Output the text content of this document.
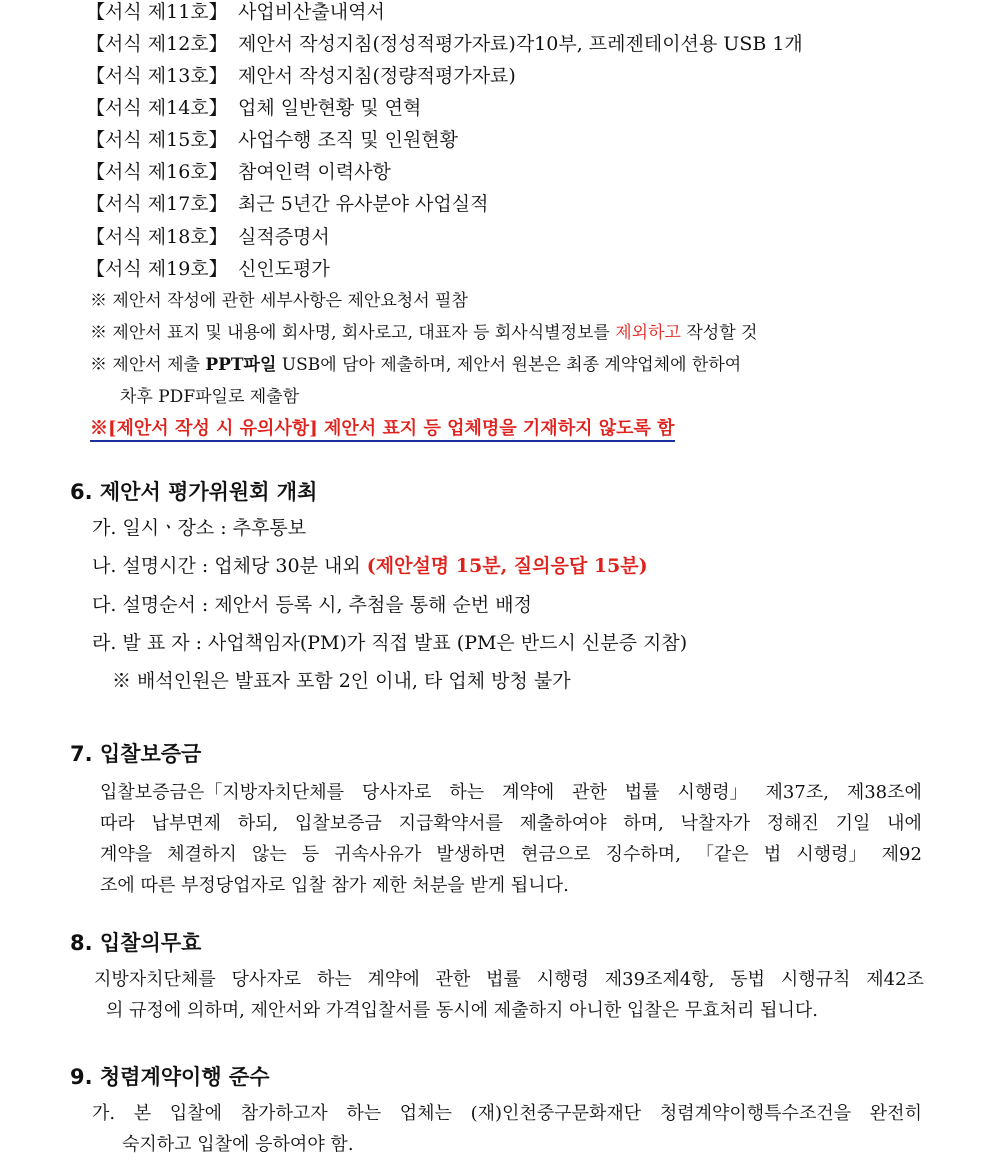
【서식 제11호】 사업비산출내역서
【서식 제12호】 제안서 작성지침(정성적평가자료)각10부, 프레젠테이션용 USB 1개
【서식 제13호】 제안서 작성지침(정량적평가자료)
【서식 제14호】 업체 일반현황 및 연혁
【서식 제15호】 사업수행 조직 및 인원현황
【서식 제16호】 참여인력 이력사항
【서식 제17호】 최근 5년간 유사분야 사업실적
【서식 제18호】 실적증명서
【서식 제19호】 신인도평가
※ 제안서 작성에 관한 세부사항은 제안요청서 필참
※ 제안서 표지 및 내용에 회사명, 회사로고, 대표자 등 회사식별정보를 제외하고 작성할 것
※ 제안서 제출 PPT파일 USB에 담아 제출하며, 제안서 원본은 최종 계약업체에 한하여
차후 PDF파일로 제출함
※[제안서 작성 시 유의사항] 제안서 표지 등 업체명을 기재하지 않도록 함
6. 제안서 평가위원회 개최
가. 일시ㆍ장소 : 추후통보
나. 설명시간 : 업체당 30분 내외 (제안설명 15분, 질의응답 15분)
다. 설명순서 : 제안서 등록 시, 추첨을 통해 순번 배정
라. 발 표 자 : 사업책임자(PM)가 직접 발표 (PM은 반드시 신분증 지참)
※ 배석인원은 발표자 포함 2인 이내, 타 업체 방청 불가
7. 입찰보증금
입찰보증금은「지방자치단체를 당사자로 하는 계약에 관한 법률 시행령」 제37조, 제38조에
따라 납부면제 하되, 입찰보증금 지급확약서를 제출하여야 하며, 낙찰자가 정해진 기일 내에
계약을 체결하지 않는 등 귀속사유가 발생하면 현금으로 징수하며, 「같은 법 시행령」 제92
조에 따른 부정당업자로 입찰 참가 제한 처분을 받게 됩니다.
8. 입찰의무효
지방자치단체를 당사자로 하는 계약에 관한 법률 시행령 제39조제4항, 동법 시행규칙 제42조
의 규정에 의하며, 제안서와 가격입찰서를 동시에 제출하지 아니한 입찰은 무효처리 됩니다.
9. 청렴계약이행 준수
가. 본 입찰에 참가하고자 하는 업체는 (재)인천중구문화재단 청렴계약이행특수조건을 완전히
숙지하고 입찰에 응하여야 함.
